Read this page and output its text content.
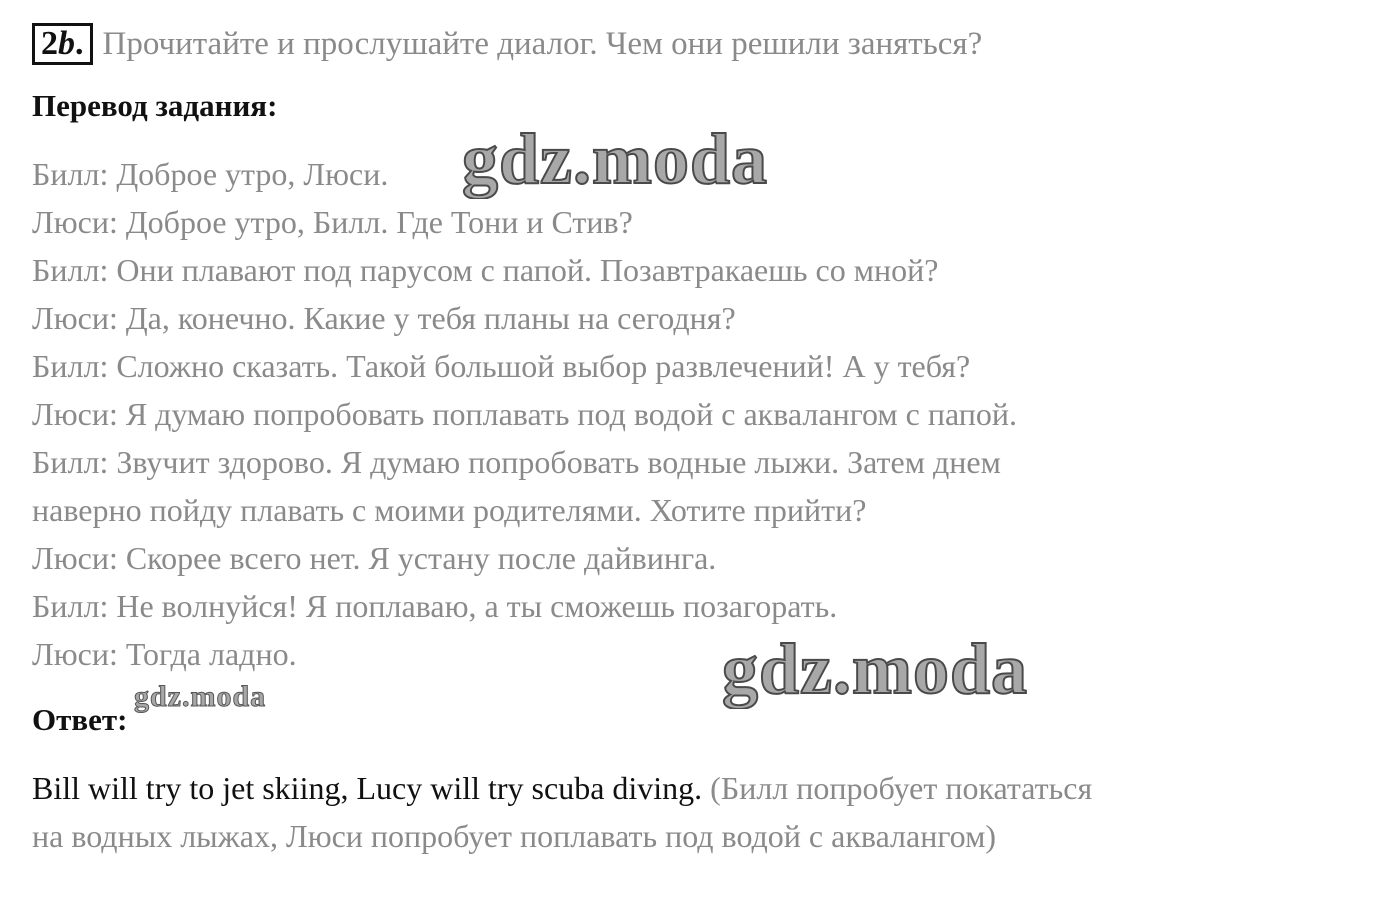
2b. Прочитайте и прослушайте диалог. Чем они решили заняться?
Перевод задания:
Билл: Доброе утро, Люси.
Люси: Доброе утро, Билл. Где Тони и Стив?
Билл: Они плавают под парусом с папой. Позавтракаешь со мной?
Люси: Да, конечно. Какие у тебя планы на сегодня?
Билл: Сложно сказать. Такой большой выбор развлечений! А у тебя?
Люси: Я думаю попробовать поплавать под водой с аквалангом с папой.
Билл: Звучит здорово. Я думаю попробовать водные лыжи. Затем днем
наверно пойду плавать с моими родителями. Хотите прийти?
Люси: Скорее всего нет. Я устану после дайвинга.
Билл: Не волнуйся! Я поплаваю, а ты сможешь позагорать.
Люси: Тогда ладно.
Ответ:
Bill will try to jet skiing, Lucy will try scuba diving. (Билл попробует покататься
на водных лыжах, Люси попробует поплавать под водой с аквалангом)
gdz.moda
gdz.moda
gdz.moda
